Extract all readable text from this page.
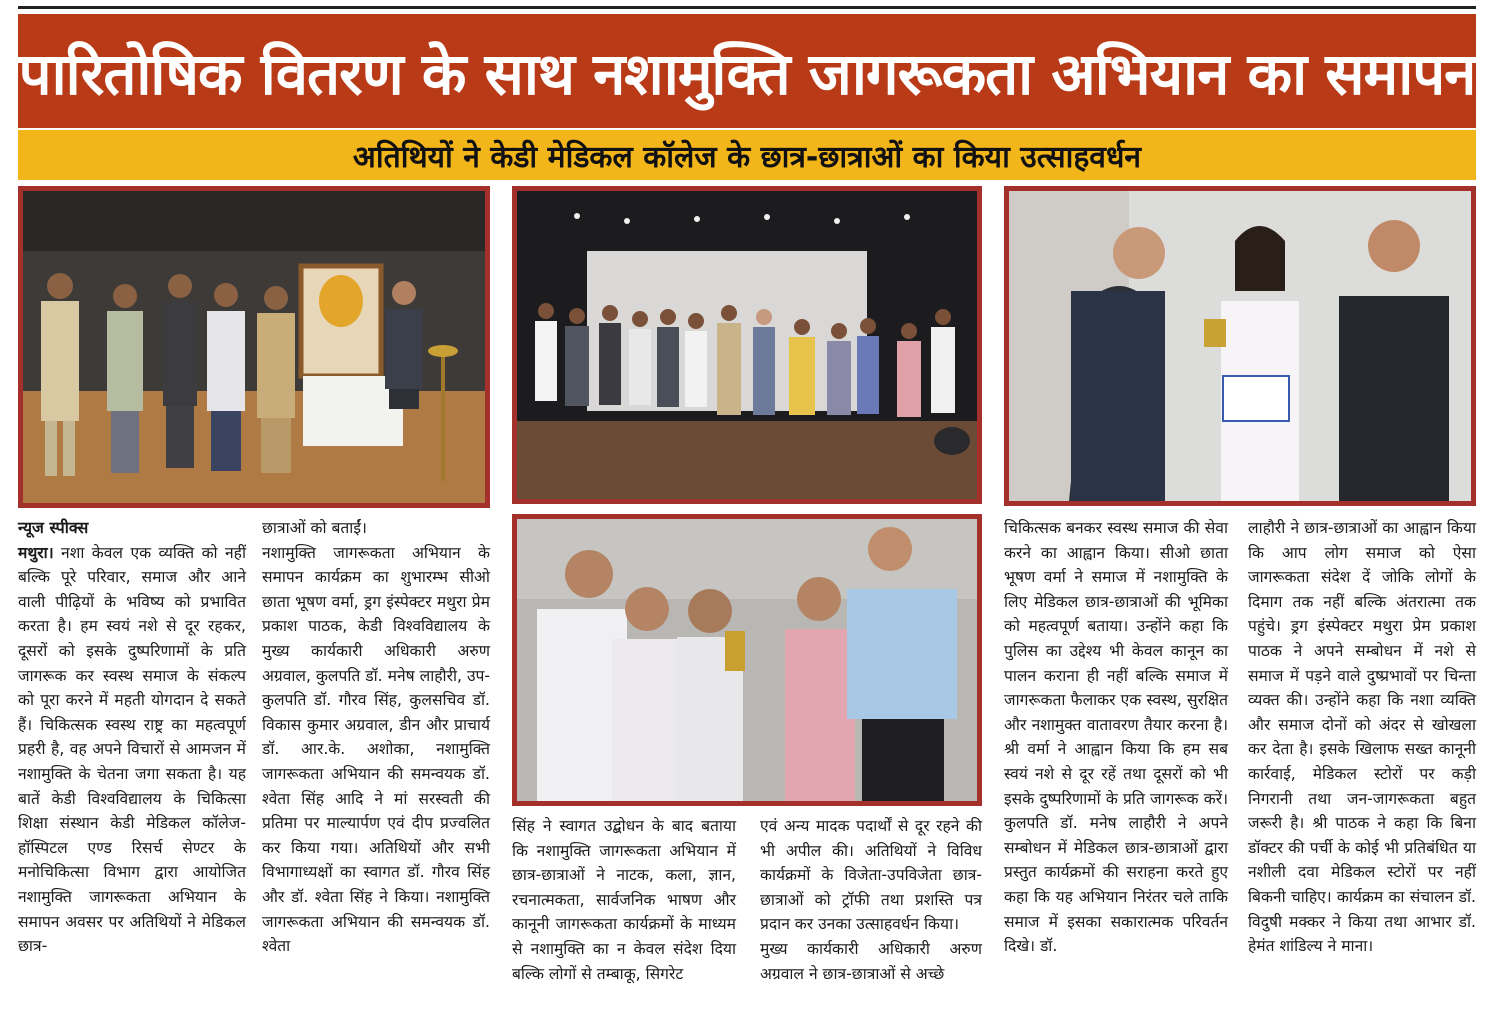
पारितोषिक वितरण के साथ नशामुक्ति जागरूकता अभियान का समापन
अतिथियों ने केडी मेडिकल कॉलेज के छात्र-छात्राओं का किया उत्साहवर्धन
न्यूज स्पीक्स
मथुरा। नशा केवल एक व्यक्ति को नहीं बल्कि पूरे परिवार, समाज और आने वाली पीढ़ियों के भविष्य को प्रभावित करता है। हम स्वयं नशे से दूर रहकर, दूसरों को इसके दुष्परिणामों के प्रति जागरूक कर स्वस्थ समाज के संकल्प को पूरा करने में महती योगदान दे सकते हैं। चिकित्सक स्वस्थ राष्ट्र का महत्वपूर्ण प्रहरी है, वह अपने विचारों से आमजन में नशामुक्ति के चेतना जगा सकता है। यह बातें केडी विश्वविद्यालय के चिकित्सा शिक्षा संस्थान केडी मेडिकल कॉलेज-हॉस्पिटल एण्ड रिसर्च सेण्टर के मनोचिकित्सा विभाग द्वारा आयोजित नशामुक्ति जागरूकता अभियान के समापन अवसर पर अतिथियों ने मेडिकल छात्र-
छात्राओं को बताईं।
नशामुक्ति जागरूकता अभियान के समापन कार्यक्रम का शुभारम्भ सीओ छाता भूषण वर्मा, ड्रग इंस्पेक्टर मथुरा प्रेम प्रकाश पाठक, केडी विश्वविद्यालय के मुख्य कार्यकारी अधिकारी अरुण अग्रवाल, कुलपति डॉ. मनेष लाहौरी, उप-कुलपति डॉ. गौरव सिंह, कुलसचिव डॉ. विकास कुमार अग्रवाल, डीन और प्राचार्य डॉ. आर.के. अशोका, नशामुक्ति जागरूकता अभियान की समन्वयक डॉ. श्वेता सिंह आदि ने मां सरस्वती की प्रतिमा पर माल्यार्पण एवं दीप प्रज्वलित कर किया गया। अतिथियों और सभी विभागाध्यक्षों का स्वागत डॉ. गौरव सिंह और डॉ. श्वेता सिंह ने किया। नशामुक्ति जागरूकता अभियान की समन्वयक डॉ. श्वेता
सिंह ने स्वागत उद्बोधन के बाद बताया कि नशामुक्ति जागरूकता अभियान में छात्र-छात्राओं ने नाटक, कला, ज्ञान, रचनात्मकता, सार्वजनिक भाषण और कानूनी जागरूकता कार्यक्रमों के माध्यम से नशामुक्ति का न केवल संदेश दिया बल्कि लोगों से तम्बाकू, सिगरेट
एवं अन्य मादक पदार्थों से दूर रहने की भी अपील की। अतिथियों ने विविध कार्यक्रमों के विजेता-उपविजेता छात्र-छात्राओं को ट्रॉफी तथा प्रशस्ति पत्र प्रदान कर उनका उत्साहवर्धन किया।
मुख्य कार्यकारी अधिकारी अरुण अग्रवाल ने छात्र-छात्राओं से अच्छे
चिकित्सक बनकर स्वस्थ समाज की सेवा करने का आह्वान किया। सीओ छाता भूषण वर्मा ने समाज में नशामुक्ति के लिए मेडिकल छात्र-छात्राओं की भूमिका को महत्वपूर्ण बताया। उन्होंने कहा कि पुलिस का उद्देश्य भी केवल कानून का पालन कराना ही नहीं बल्कि समाज में जागरूकता फैलाकर एक स्वस्थ, सुरक्षित और नशामुक्त वातावरण तैयार करना है। श्री वर्मा ने आह्वान किया कि हम सब स्वयं नशे से दूर रहें तथा दूसरों को भी इसके दुष्परिणामों के प्रति जागरूक करें। कुलपति डॉ. मनेष लाहौरी ने अपने सम्बोधन में मेडिकल छात्र-छात्राओं द्वारा प्रस्तुत कार्यक्रमों की सराहना करते हुए कहा कि यह अभियान निरंतर चले ताकि समाज में इसका सकारात्मक परिवर्तन दिखे। डॉ.
लाहौरी ने छात्र-छात्राओं का आह्वान किया कि आप लोग समाज को ऐसा जागरूकता संदेश दें जोकि लोगों के दिमाग तक नहीं बल्कि अंतरात्मा तक पहुंचे। ड्रग इंस्पेक्टर मथुरा प्रेम प्रकाश पाठक ने अपने सम्बोधन में नशे से समाज में पड़ने वाले दुष्प्रभावों पर चिन्ता व्यक्त की। उन्होंने कहा कि नशा व्यक्ति और समाज दोनों को अंदर से खोखला कर देता है। इसके खिलाफ सख्त कानूनी कार्रवाई, मेडिकल स्टोरों पर कड़ी निगरानी तथा जन-जागरूकता बहुत जरूरी है। श्री पाठक ने कहा कि बिना डॉक्टर की पर्ची के कोई भी प्रतिबंधित या नशीली दवा मेडिकल स्टोरों पर नहीं बिकनी चाहिए। कार्यक्रम का संचालन डॉ. विदुषी मक्कर ने किया तथा आभार डॉ. हेमंत शांडिल्य ने माना।
